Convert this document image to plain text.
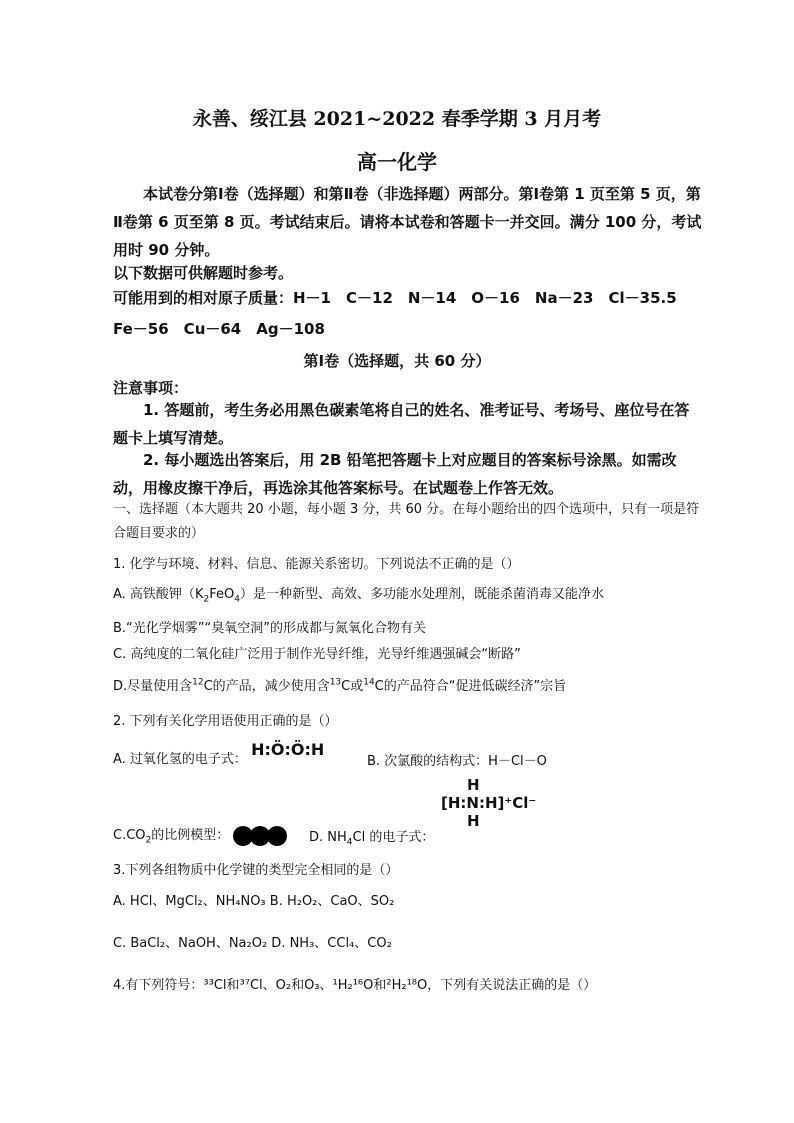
永善、绥江县 2021~2022 春季学期 3 月月考
高一化学
本试卷分第Ⅰ卷（选择题）和第Ⅱ卷（非选择题）两部分。第Ⅰ卷第 1 页至第 5 页，第Ⅱ卷第 6 页至第 8 页。考试结束后。请将本试卷和答题卡一并交回。满分 100 分，考试用时 90 分钟。
以下数据可供解题时参考。
可能用到的相对原子质量：H－1　C－12　N－14　O－16　Na－23　Cl－35.5
Fe－56　Cu－64　Ag－108
第Ⅰ卷（选择题，共 60 分）
注意事项：
1. 答题前，考生务必用黑色碳素笔将自己的姓名、准考证号、考场号、座位号在答题卡上填写清楚。
2. 每小题选出答案后，用 2B 铅笔把答题卡上对应题目的答案标号涂黑。如需改动，用橡皮擦干净后，再选涂其他答案标号。在试题卷上作答无效。
一、选择题（本大题共 20 小题，每小题 3 分，共 60 分。在每小题给出的四个选项中，只有一项是符合题目要求的）
1. 化学与环境、材料、信息、能源关系密切。下列说法不正确的是（）
A. 高铁酸钾$(K_2FeO_4)$是一种新型、高效、多功能水处理剂，既能杀菌消毒又能净水
B.“光化学烟雾”“臭氧空洞”的形成都与氮氧化合物有关
C. 高纯度的二氧化硅广泛用于制作光导纤维，光导纤维遇强碱会“断路”
D.尽量使用含$^{12}$C的产品，减少使用含$^{13}$C或$^{14}$C的产品符合“促进低碳经济”宗旨
2. 下列有关化学用语使用正确的是（）
A. 过氧化氢的电子式： H:Ö:Ö:H
B. 次氯酸的结构式：H－Cl－O
$C.CO_2$的比例模型：	D. $NH_4Cl$ 的电子式：
H
[H:N:H]⁺Cl⁻
H
3.下列各组物质中化学键的类型完全相同的是（）
A. HCl、MgCl₂、NH₄NO₃ B. H₂O₂、CaO、SO₂
C. BaCl₂、NaOH、Na₂O₂ D. NH₃、CCl₄、CO₂
4.有下列符号：³³Cl和³⁷Cl、O₂和O₃、¹H₂¹⁶O和²H₂¹⁸O，下列有关说法正确的是（）
